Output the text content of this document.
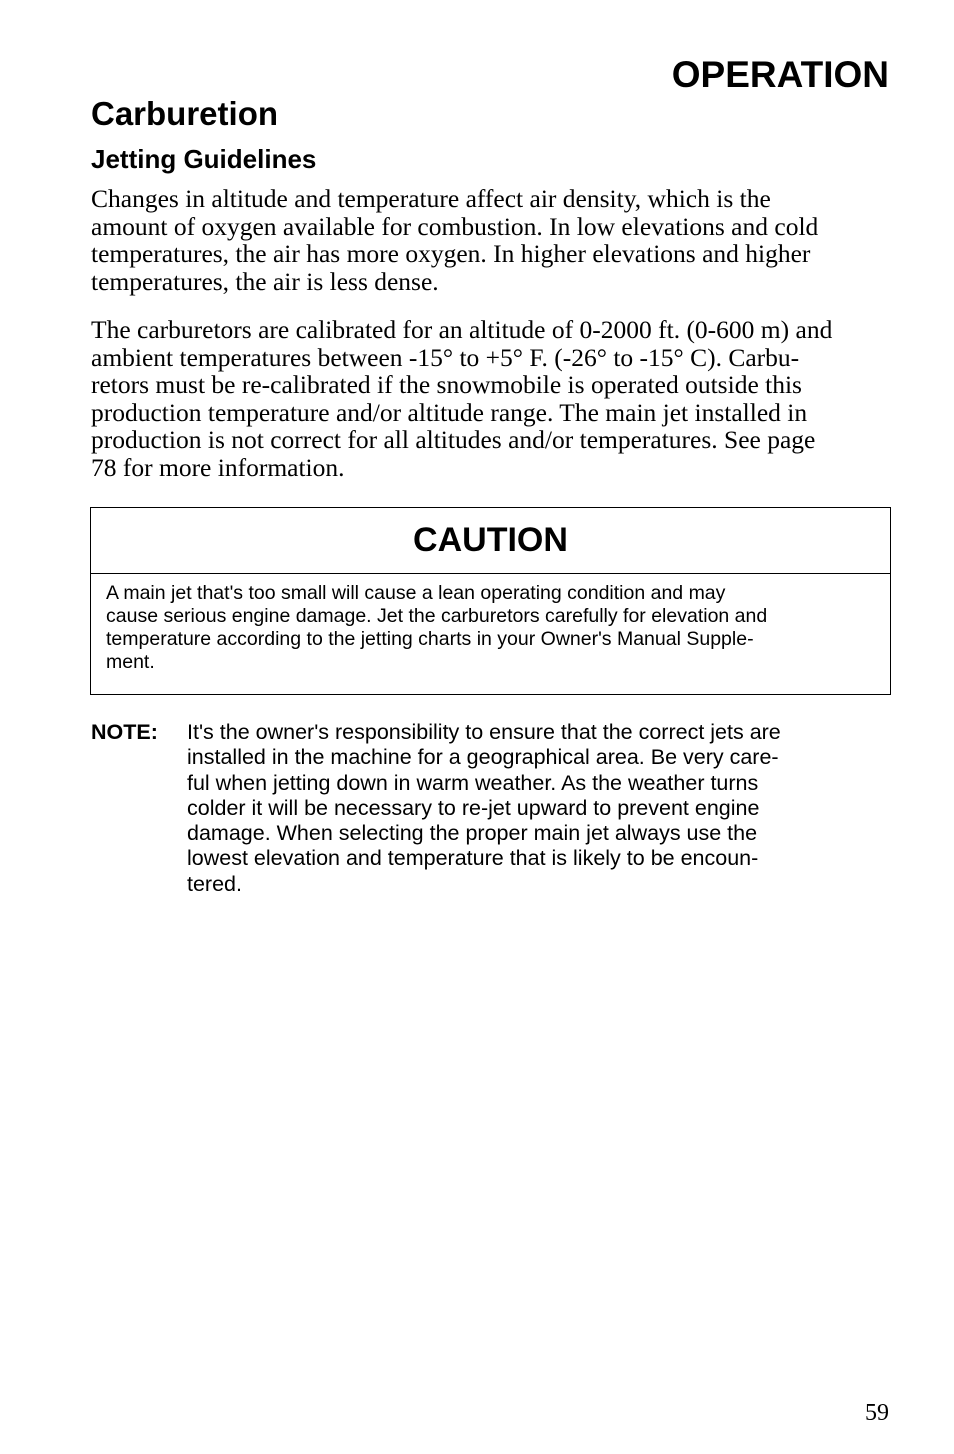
OPERATION
Carburetion
Jetting Guidelines

Changes in altitude and temperature affect air density, which is the
amount of oxygen available for combustion. In low elevations and cold
temperatures, the air has more oxygen. In higher elevations and higher
temperatures, the air is less dense.

The carburetors are calibrated for an altitude of 0-2000 ft. (0-600 m) and
ambient temperatures between -15° to +5° F. (-26° to -15° C). Carbu-
retors must be re-calibrated if the snowmobile is operated outside this
production temperature and/or altitude range. The main jet installed in
production is not correct for all altitudes and/or temperatures. See page
78 for more information.

CAUTION

A main jet that's too small will cause a lean operating condition and may
cause serious engine damage. Jet the carburetors carefully for elevation and
temperature according to the jetting charts in your Owner's Manual Supple-
ment.

NOTE: It's the owner's responsibility to ensure that the correct jets are
installed in the machine for a geographical area. Be very care-
ful when jetting down in warm weather. As the weather turns
colder it will be necessary to re-jet upward to prevent engine
damage. When selecting the proper main jet always use the
lowest elevation and temperature that is likely to be encoun-
tered.

59
